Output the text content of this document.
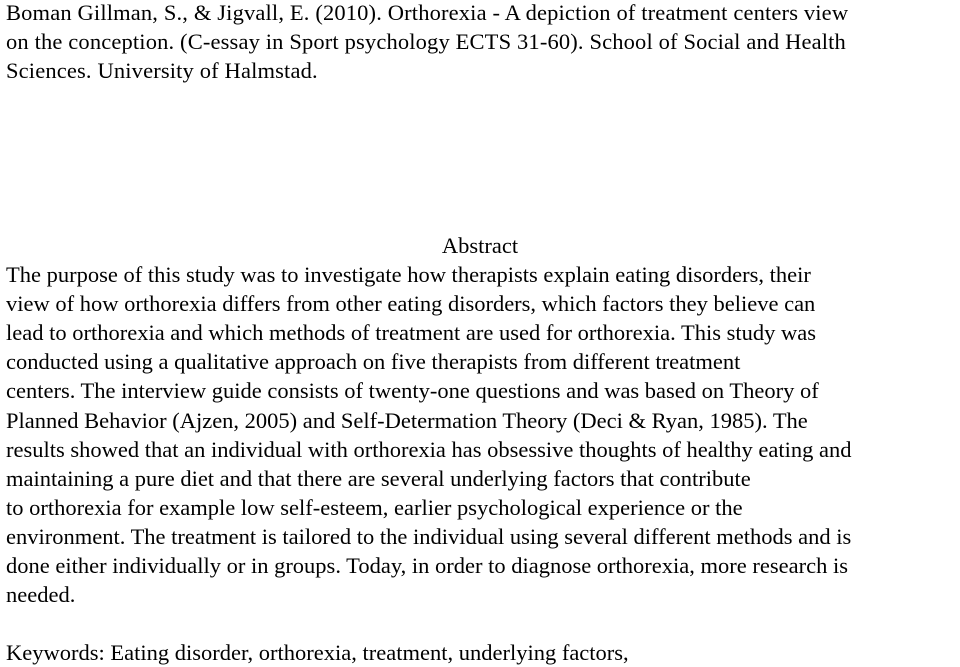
Boman Gillman, S., & Jigvall, E. (2010). Orthorexia - A depiction of treatment centers view

on the conception. (C-essay in Sport psychology ECTS 31-60). School of Social and Health

Sciences. University of Halmstad.

Abstract

The purpose of this study was to investigate how therapists explain eating disorders, their

view of how orthorexia differs from other eating disorders, which factors they believe can

lead to orthorexia and which methods of treatment are used for orthorexia. This study was

conducted using a qualitative approach on five therapists from different treatment

centers. The interview guide consists of twenty-one questions and was based on Theory of

Planned Behavior (Ajzen, 2005) and Self-Determation Theory (Deci & Ryan, 1985). The

results showed that an individual with orthorexia has obsessive thoughts of healthy eating and

maintaining a pure diet and that there are several underlying factors that contribute

to orthorexia for example low self-esteem, earlier psychological experience or the

environment. The treatment is tailored to the individual using several different methods and is

done either individually or in groups. Today, in order to diagnose orthorexia, more research is

needed.

Keywords: Eating disorder, orthorexia, treatment, underlying factors,
